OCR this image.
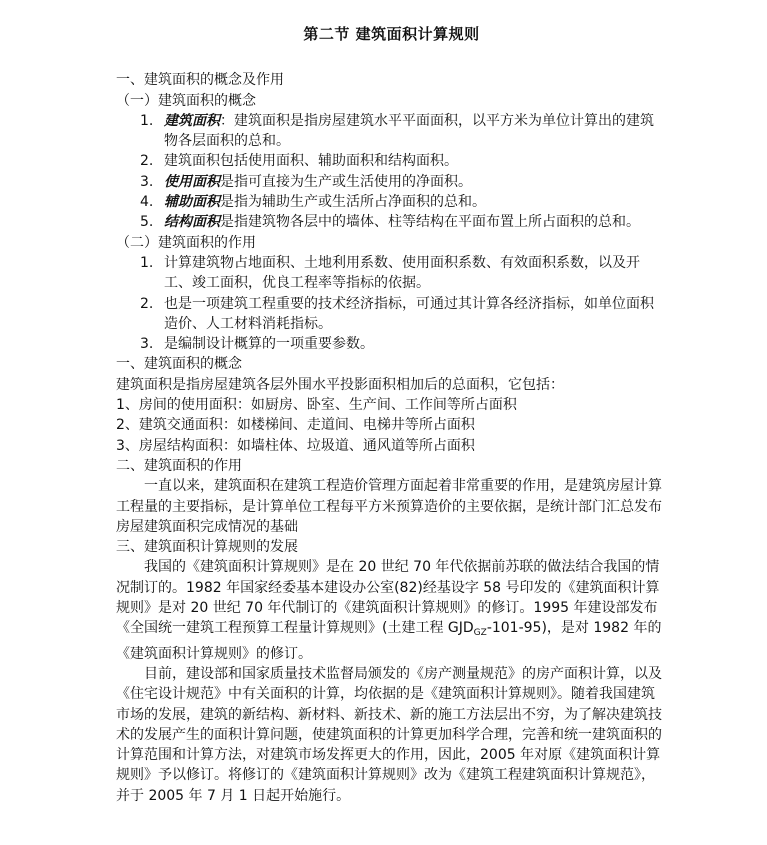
第二节 建筑面积计算规则

一、建筑面积的概念及作用

（一）建筑面积的概念

1. 建筑面积：建筑面积是指房屋建筑水平平面面积，以平方米为单位计算出的建筑物各层面积的总和。
2. 建筑面积包括使用面积、辅助面积和结构面积。
3. 使用面积是指可直接为生产或生活使用的净面积。
4. 辅助面积是指为辅助生产或生活所占净面积的总和。
5. 结构面积是指建筑物各层中的墙体、柱等结构在平面布置上所占面积的总和。

（二）建筑面积的作用

1. 计算建筑物占地面积、土地利用系数、使用面积系数、有效面积系数，以及开工、竣工面积，优良工程率等指标的依据。
2. 也是一项建筑工程重要的技术经济指标，可通过其计算各经济指标，如单位面积造价、人工材料消耗指标。
3. 是编制设计概算的一项重要参数。

一、建筑面积的概念

建筑面积是指房屋建筑各层外围水平投影面积相加后的总面积，它包括：

1、房间的使用面积：如厨房、卧室、生产间、工作间等所占面积

2、建筑交通面积：如楼梯间、走道间、电梯井等所占面积

3、房屋结构面积：如墙柱体、垃圾道、通风道等所占面积

二、建筑面积的作用

一直以来，建筑面积在建筑工程造价管理方面起着非常重要的作用，是建筑房屋计算工程量的主要指标，是计算单位工程每平方米预算造价的主要依据，是统计部门汇总发布房屋建筑面积完成情况的基础

三、建筑面积计算规则的发展

我国的《建筑面积计算规则》是在 20 世纪 70 年代依据前苏联的做法结合我国的情况制订的。1982 年国家经委基本建设办公室(82)经基设字 58 号印发的《建筑面积计算规则》是对 20 世纪 70 年代制订的《建筑面积计算规则》的修订。1995 年建设部发布《全国统一建筑工程预算工程量计算规则》(土建工程 $GJD_{GZ}-101-95$)，是对 1982 年的《建筑面积计算规则》的修订。

目前，建设部和国家质量技术监督局颁发的《房产测量规范》的房产面积计算，以及《住宅设计规范》中有关面积的计算，均依据的是《建筑面积计算规则》。随着我国建筑市场的发展，建筑的新结构、新材料、新技术、新的施工方法层出不穷，为了解决建筑技术的发展产生的面积计算问题，使建筑面积的计算更加科学合理，完善和统一建筑面积的计算范围和计算方法，对建筑市场发挥更大的作用，因此，2005 年对原《建筑面积计算规则》予以修订。将修订的《建筑面积计算规则》改为《建筑工程建筑面积计算规范》，并于 2005 年 7 月 1 日起开始施行。
